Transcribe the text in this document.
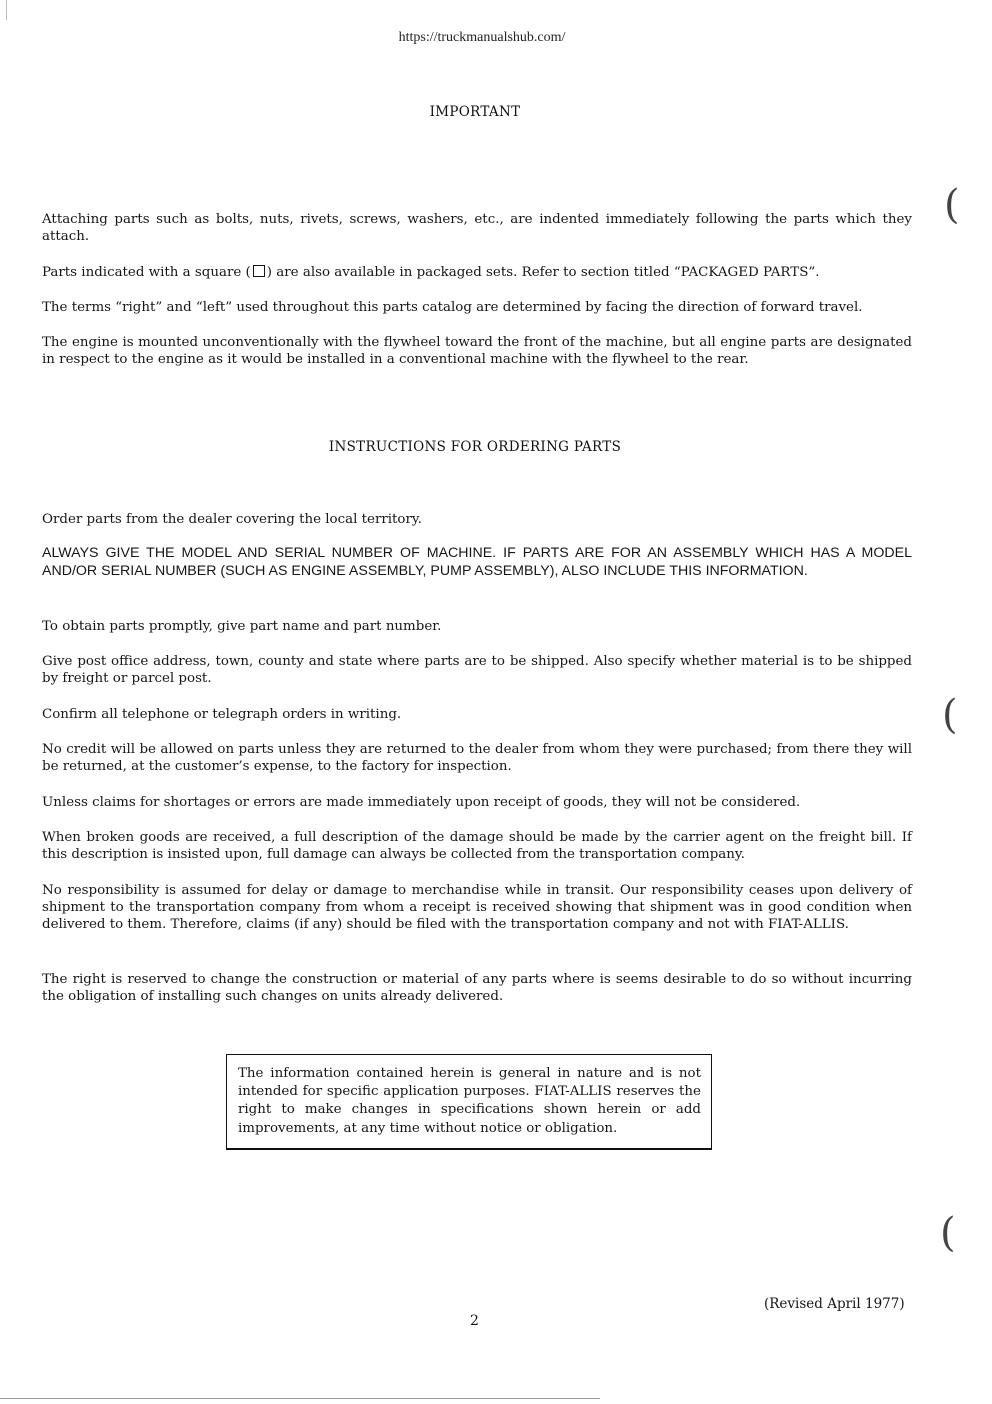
https://truckmanualshub.com/
IMPORTANT

Attaching parts such as bolts, nuts, rivets, screws, washers, etc., are indented immediately following the parts which they attach.

Parts indicated with a square ( ) are also available in packaged sets. Refer to section titled “PACKAGED PARTS”.

The terms “right” and “left” used throughout this parts catalog are determined by facing the direction of forward travel.

The engine is mounted unconventionally with the flywheel toward the front of the machine, but all engine parts are designated in respect to the engine as it would be installed in a conventional machine with the flywheel to the rear.

INSTRUCTIONS FOR ORDERING PARTS

Order parts from the dealer covering the local territory.

ALWAYS GIVE THE MODEL AND SERIAL NUMBER OF MACHINE. IF PARTS ARE FOR AN ASSEMBLY WHICH HAS A MODEL AND/OR SERIAL NUMBER (SUCH AS ENGINE ASSEMBLY, PUMP ASSEMBLY), ALSO INCLUDE THIS INFORMATION.

To obtain parts promptly, give part name and part number.

Give post office address, town, county and state where parts are to be shipped. Also specify whether material is to be shipped by freight or parcel post.

Confirm all telephone or telegraph orders in writing.

No credit will be allowed on parts unless they are returned to the dealer from whom they were purchased; from there they will be returned, at the customer’s expense, to the factory for inspection.

Unless claims for shortages or errors are made immediately upon receipt of goods, they will not be considered.

When broken goods are received, a full description of the damage should be made by the carrier agent on the freight bill. If this description is insisted upon, full damage can always be collected from the transportation company.

No responsibility is assumed for delay or damage to merchandise while in transit. Our responsibility ceases upon delivery of shipment to the transportation company from whom a receipt is received showing that shipment was in good condition when delivered to them. Therefore, claims (if any) should be filed with the transportation company and not with FIAT-ALLIS.

The right is reserved to change the construction or material of any parts where is seems desirable to do so without incurring the obligation of installing such changes on units already delivered.

The information contained herein is general in nature and is not intended for specific application purposes. FIAT-ALLIS reserves the right to make changes in specifications shown herein or add improvements, at any time without notice or obligation.

(Revised April 1977)
2
(
(
(
